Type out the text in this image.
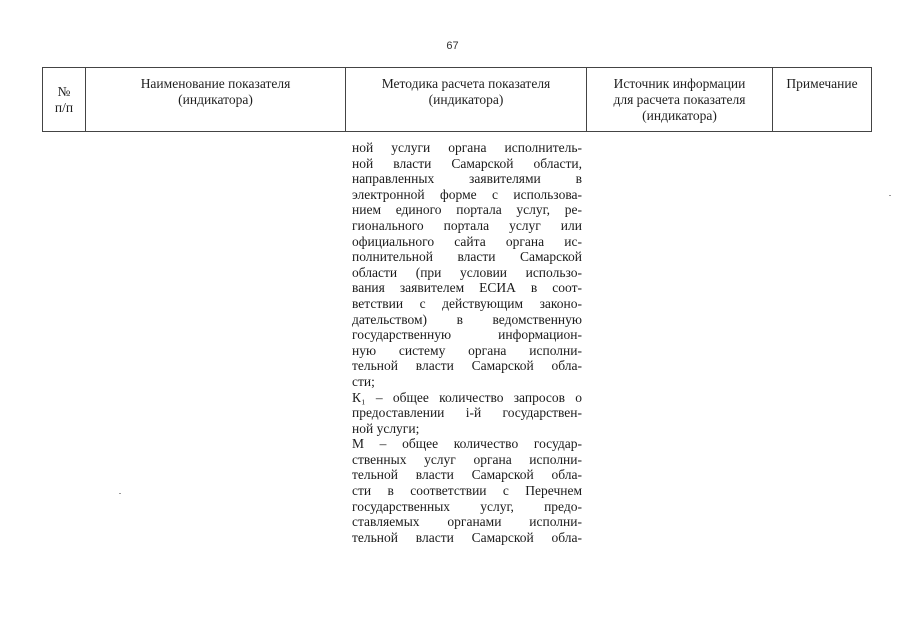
67
№
п/п
Наименование показателя
(индикатора)
Методика расчета показателя
(индикатора)
Источник информации
для расчета показателя
(индикатора)
Примечание
ной услуги органа исполнитель-
ной власти Самарской области,
направленных заявителями в
электронной форме с использова-
нием единого портала услуг, ре-
гионального портала услуг или
официального сайта органа ис-
полнительной власти Самарской
области (при условии использо-
вания заявителем ЕСИА в соот-
ветствии с действующим законо-
дательством) в ведомственную
государственную информацион-
ную систему органа исполни-
тельной власти Самарской обла-
сти;
К₁ – общее количество запросов о
предоставлении i-й государствен-
ной услуги;
М – общее количество государ-
ственных услуг органа исполни-
тельной власти Самарской обла-
сти в соответствии с Перечнем
государственных услуг, предо-
ставляемых органами исполни-
тельной власти Самарской обла-
